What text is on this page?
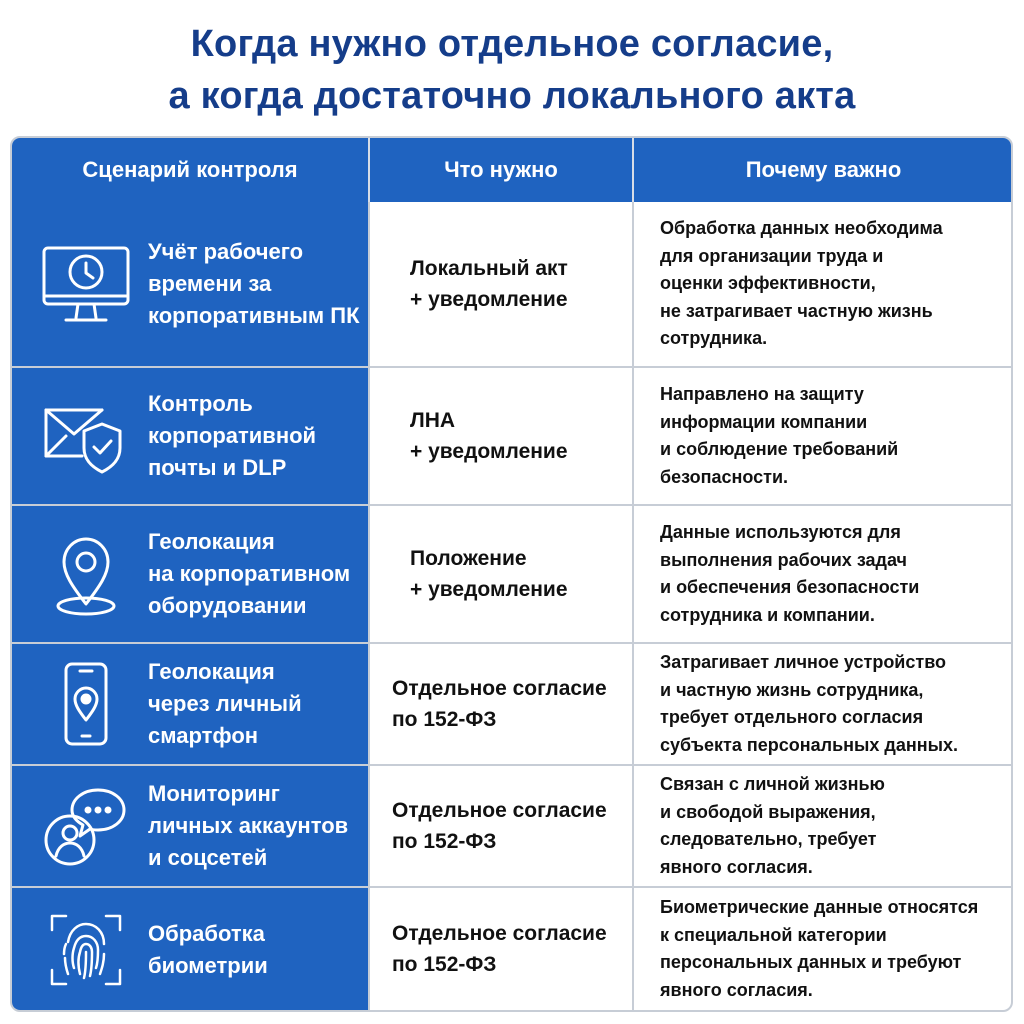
Когда нужно отдельное согласие,
а когда достаточно локального акта
Сценарий контроля	Что нужно	Почему важно
Учёт рабочего
времени за
корпоративным ПК
Локальный акт
+ уведомление
Обработка данных необходима
для организации труда и
оценки эффективности,
не затрагивает частную жизнь
сотрудника.
Контроль
корпоративной
почты и DLP
ЛНА
+ уведомление
Направлено на защиту
информации компании
и соблюдение требований
безопасности.
Геолокация
на корпоративном
оборудовании
Положение
+ уведомление
Данные используются для
выполнения рабочих задач
и обеспечения безопасности
сотрудника и компании.
Геолокация
через личный
смартфон
Отдельное согласие
по 152-ФЗ
Затрагивает личное устройство
и частную жизнь сотрудника,
требует отдельного согласия
субъекта персональных данных.
Мониторинг
личных аккаунтов
и соцсетей
Отдельное согласие
по 152-ФЗ
Связан с личной жизнью
и свободой выражения,
следовательно, требует
явного согласия.
Обработка
биометрии
Отдельное согласие
по 152-ФЗ
Биометрические данные относятся
к специальной категории
персональных данных и требуют
явного согласия.
